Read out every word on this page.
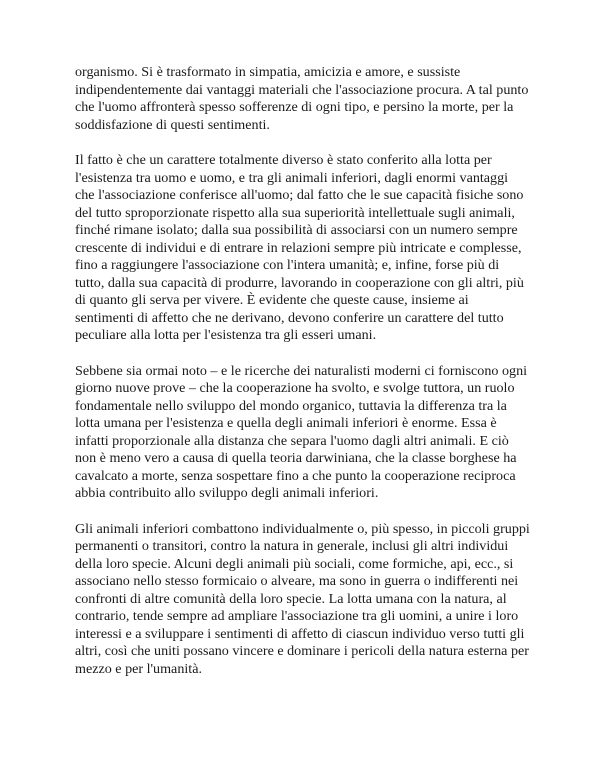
organismo. Si è trasformato in simpatia, amicizia e amore, e sussiste indipendentemente dai vantaggi materiali che l'associazione procura. A tal punto che l'uomo affronterà spesso sofferenze di ogni tipo, e persino la morte, per la soddisfazione di questi sentimenti.

Il fatto è che un carattere totalmente diverso è stato conferito alla lotta per l'esistenza tra uomo e uomo, e tra gli animali inferiori, dagli enormi vantaggi che l'associazione conferisce all'uomo; dal fatto che le sue capacità fisiche sono del tutto sproporzionate rispetto alla sua superiorità intellettuale sugli animali, finché rimane isolato; dalla sua possibilità di associarsi con un numero sempre crescente di individui e di entrare in relazioni sempre più intricate e complesse, fino a raggiungere l'associazione con l'intera umanità; e, infine, forse più di tutto, dalla sua capacità di produrre, lavorando in cooperazione con gli altri, più di quanto gli serva per vivere. È evidente che queste cause, insieme ai sentimenti di affetto che ne derivano, devono conferire un carattere del tutto peculiare alla lotta per l'esistenza tra gli esseri umani.

Sebbene sia ormai noto – e le ricerche dei naturalisti moderni ci forniscono ogni giorno nuove prove – che la cooperazione ha svolto, e svolge tuttora, un ruolo fondamentale nello sviluppo del mondo organico, tuttavia la differenza tra la lotta umana per l'esistenza e quella degli animali inferiori è enorme. Essa è infatti proporzionale alla distanza che separa l'uomo dagli altri animali. E ciò non è meno vero a causa di quella teoria darwiniana, che la classe borghese ha cavalcato a morte, senza sospettare fino a che punto la cooperazione reciproca abbia contribuito allo sviluppo degli animali inferiori.

Gli animali inferiori combattono individualmente o, più spesso, in piccoli gruppi permanenti o transitori, contro la natura in generale, inclusi gli altri individui della loro specie. Alcuni degli animali più sociali, come formiche, api, ecc., si associano nello stesso formicaio o alveare, ma sono in guerra o indifferenti nei confronti di altre comunità della loro specie. La lotta umana con la natura, al contrario, tende sempre ad ampliare l'associazione tra gli uomini, a unire i loro interessi e a sviluppare i sentimenti di affetto di ciascun individuo verso tutti gli altri, così che uniti possano vincere e dominare i pericoli della natura esterna per mezzo e per l'umanità.
